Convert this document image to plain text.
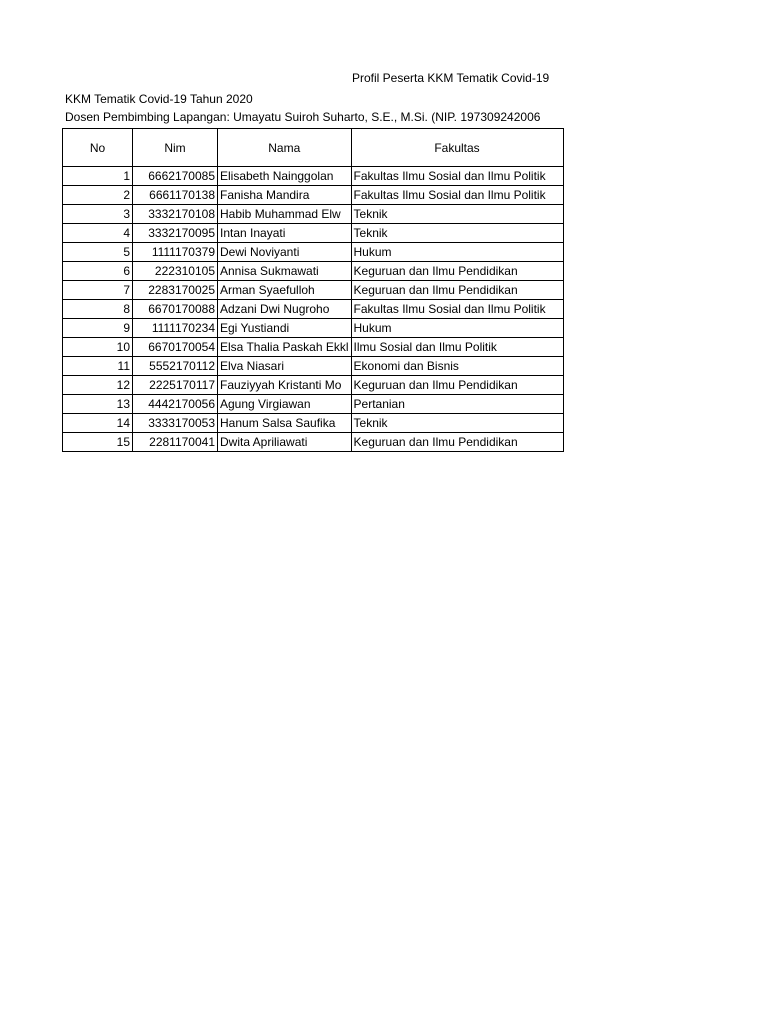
Profil Peserta KKM Tematik Covid-19
KKM Tematik Covid-19 Tahun 2020
Dosen Pembimbing Lapangan: Umayatu Suiroh Suharto, S.E., M.Si. (NIP. 197309242006
No	Nim	Nama	Fakultas
1	6662170085	Elisabeth Nainggolan	Fakultas Ilmu Sosial dan Ilmu Politik
2	6661170138	Fanisha Mandira	Fakultas Ilmu Sosial dan Ilmu Politik
3	3332170108	Habib Muhammad Elw	Teknik
4	3332170095	Intan Inayati	Teknik
5	1111170379	Dewi Noviyanti	Hukum
6	222310105	Annisa Sukmawati	Keguruan dan Ilmu Pendidikan
7	2283170025	Arman Syaefulloh	Keguruan dan Ilmu Pendidikan
8	6670170088	Adzani Dwi Nugroho	Fakultas Ilmu Sosial dan Ilmu Politik
9	1111170234	Egi Yustiandi	Hukum
10	6670170054	Elsa Thalia Paskah Ekkl	Ilmu Sosial dan Ilmu Politik
11	5552170112	Elva Niasari	Ekonomi dan Bisnis
12	2225170117	Fauziyyah Kristanti Mo	Keguruan dan Ilmu Pendidikan
13	4442170056	Agung Virgiawan	Pertanian
14	3333170053	Hanum Salsa Saufika	Teknik
15	2281170041	Dwita Apriliawati	Keguruan dan Ilmu Pendidikan
